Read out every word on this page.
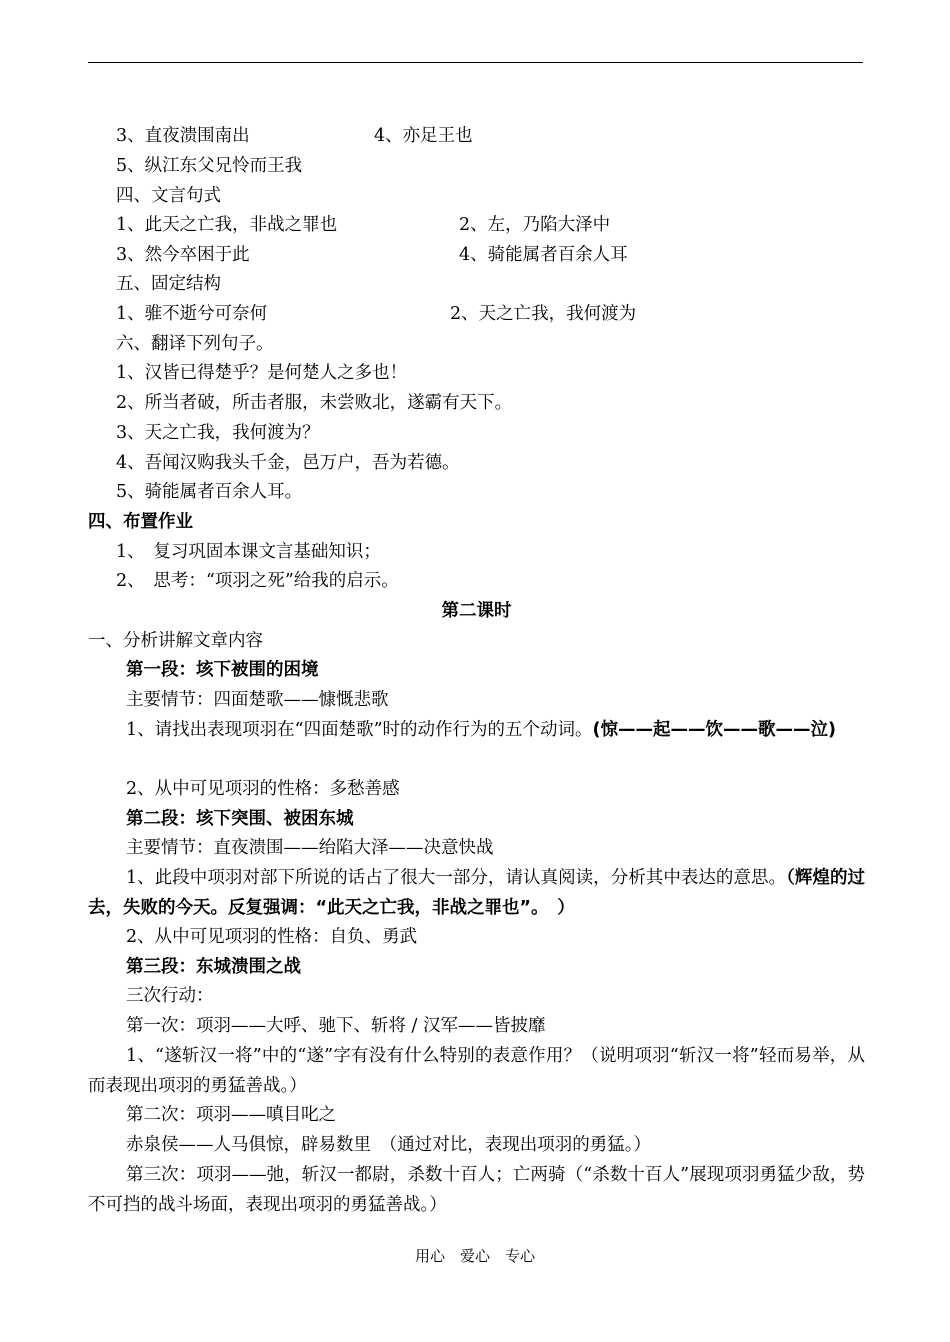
3、直夜溃围南出	4、亦足王也
5、纵江东父兄怜而王我
四、文言句式
1、此天之亡我，非战之罪也	2、左，乃陷大泽中
3、然今卒困于此	4、骑能属者百余人耳
五、固定结构
1、骓不逝兮可奈何	2、天之亡我，我何渡为
六、翻译下列句子。
1、汉皆已得楚乎？是何楚人之多也！
2、所当者破，所击者服，未尝败北，遂霸有天下。
3、天之亡我，我何渡为？
4、吾闻汉购我头千金，邑万户，吾为若德。
5、骑能属者百余人耳。
四、布置作业
1、　复习巩固本课文言基础知识；
2、　思考：“项羽之死”给我的启示。
第二课时
一、分析讲解文章内容
第一段：垓下被围的困境
主要情节：四面楚歌——慷慨悲歌
1、请找出表现项羽在“四面楚歌”时的动作行为的五个动词。(惊——起——饮——歌——泣)
2、从中可见项羽的性格：多愁善感
第二段：垓下突围、被困东城
主要情节：直夜溃围——绐陷大泽——决意快战
1、此段中项羽对部下所说的话占了很大一部分，请认真阅读，分析其中表达的意思。（辉煌的过去，失败的今天。反复强调：“此天之亡我，非战之罪也”。　）
2、从中可见项羽的性格：自负、勇武
第三段：东城溃围之战
三次行动：
第一次：项羽——大呼、驰下、斩将 / 汉军——皆披靡
1、“遂斩汉一将”中的“遂”字有没有什么特别的表意作用？（说明项羽“斩汉一将”轻而易举，从而表现出项羽的勇猛善战。）
第二次：项羽——嗔目叱之
赤泉侯——人马俱惊，辟易数里　（通过对比，表现出项羽的勇猛。）
第三次：项羽——弛，斩汉一都尉，杀数十百人；亡两骑（“杀数十百人”展现项羽勇猛少敌，势不可挡的战斗场面，表现出项羽的勇猛善战。）
用心　爱心　专心
